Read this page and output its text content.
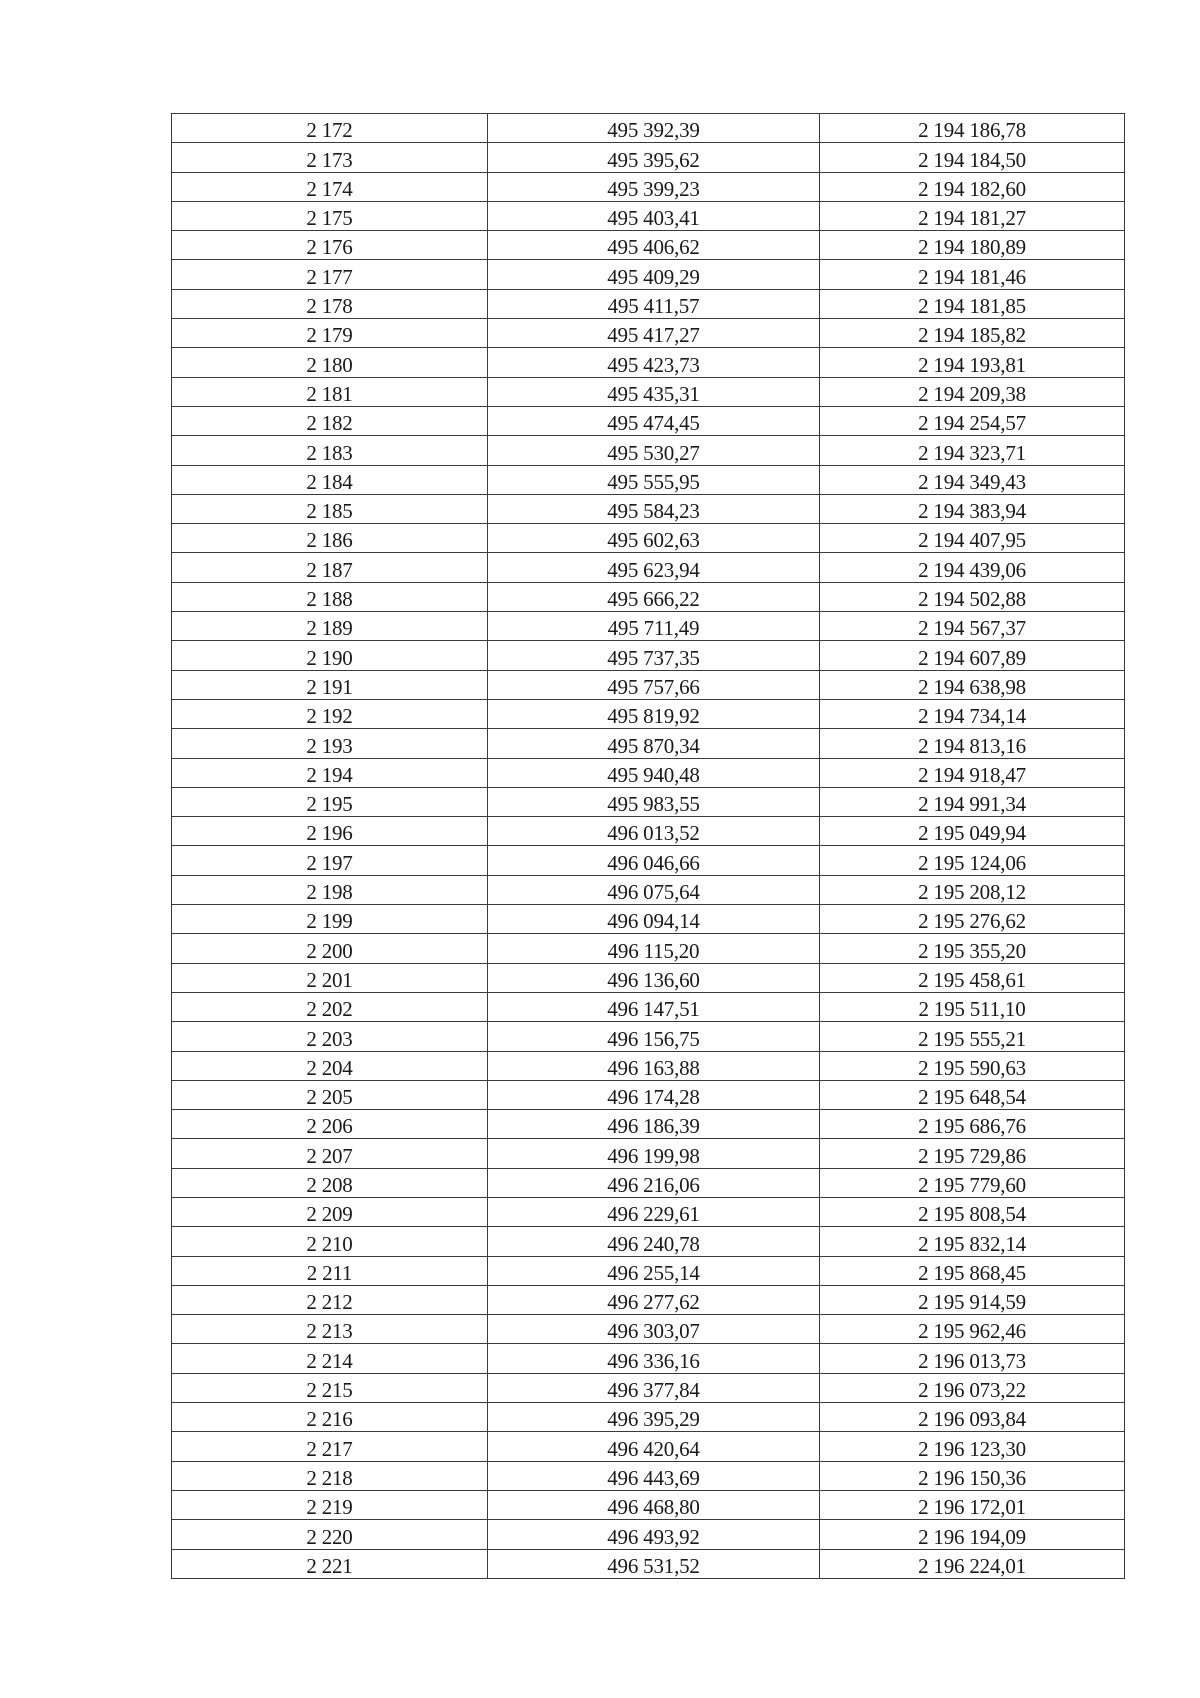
2 172	495 392,39	2 194 186,78
2 173	495 395,62	2 194 184,50
2 174	495 399,23	2 194 182,60
2 175	495 403,41	2 194 181,27
2 176	495 406,62	2 194 180,89
2 177	495 409,29	2 194 181,46
2 178	495 411,57	2 194 181,85
2 179	495 417,27	2 194 185,82
2 180	495 423,73	2 194 193,81
2 181	495 435,31	2 194 209,38
2 182	495 474,45	2 194 254,57
2 183	495 530,27	2 194 323,71
2 184	495 555,95	2 194 349,43
2 185	495 584,23	2 194 383,94
2 186	495 602,63	2 194 407,95
2 187	495 623,94	2 194 439,06
2 188	495 666,22	2 194 502,88
2 189	495 711,49	2 194 567,37
2 190	495 737,35	2 194 607,89
2 191	495 757,66	2 194 638,98
2 192	495 819,92	2 194 734,14
2 193	495 870,34	2 194 813,16
2 194	495 940,48	2 194 918,47
2 195	495 983,55	2 194 991,34
2 196	496 013,52	2 195 049,94
2 197	496 046,66	2 195 124,06
2 198	496 075,64	2 195 208,12
2 199	496 094,14	2 195 276,62
2 200	496 115,20	2 195 355,20
2 201	496 136,60	2 195 458,61
2 202	496 147,51	2 195 511,10
2 203	496 156,75	2 195 555,21
2 204	496 163,88	2 195 590,63
2 205	496 174,28	2 195 648,54
2 206	496 186,39	2 195 686,76
2 207	496 199,98	2 195 729,86
2 208	496 216,06	2 195 779,60
2 209	496 229,61	2 195 808,54
2 210	496 240,78	2 195 832,14
2 211	496 255,14	2 195 868,45
2 212	496 277,62	2 195 914,59
2 213	496 303,07	2 195 962,46
2 214	496 336,16	2 196 013,73
2 215	496 377,84	2 196 073,22
2 216	496 395,29	2 196 093,84
2 217	496 420,64	2 196 123,30
2 218	496 443,69	2 196 150,36
2 219	496 468,80	2 196 172,01
2 220	496 493,92	2 196 194,09
2 221	496 531,52	2 196 224,01
